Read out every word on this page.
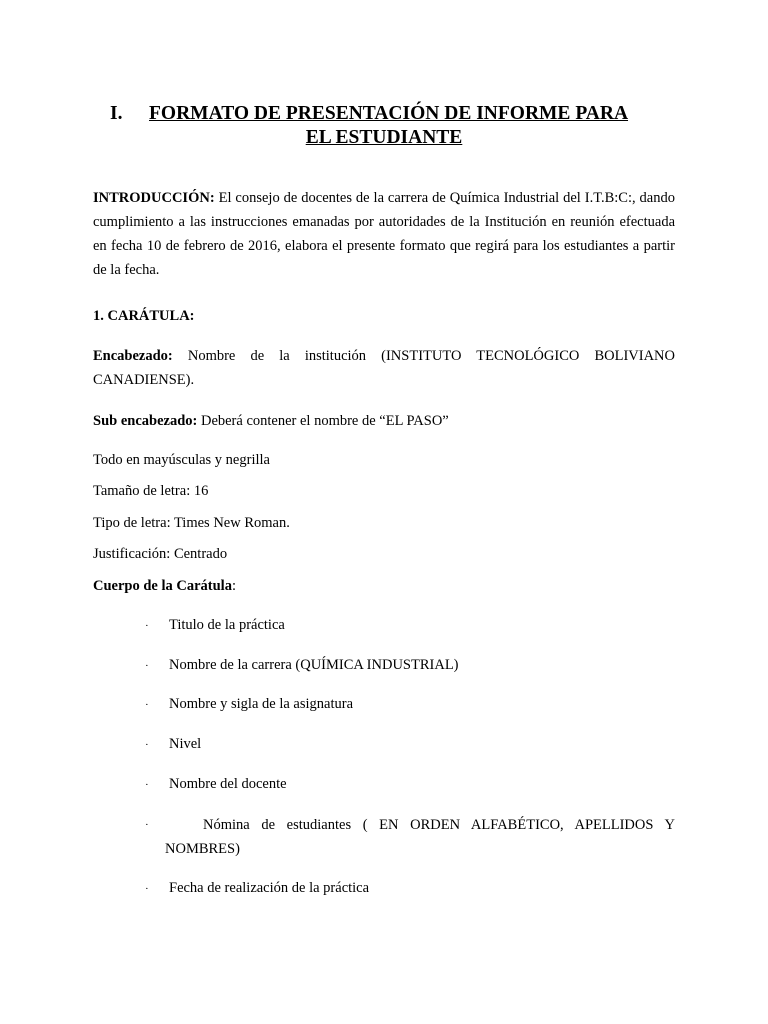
I. FORMATO DE PRESENTACIÓN DE INFORME PARA
EL ESTUDIANTE
INTRODUCCIÓN: El consejo de docentes de la carrera de Química Industrial del I.T.B:C:, dando cumplimiento a las instrucciones emanadas por autoridades de la Institución en reunión efectuada en fecha 10 de febrero de 2016, elabora el presente formato que regirá para los estudiantes a partir de la fecha.
1. CARÁTULA:
Encabezado: Nombre de la institución (INSTITUTO TECNOLÓGICO BOLIVIANO CANADIENSE).
Sub encabezado: Deberá contener el nombre de “EL PASO”
Todo en mayúsculas y negrilla
Tamaño de letra: 16
Tipo de letra: Times New Roman.
Justificación: Centrado
Cuerpo de la Carátula:
· Titulo de la práctica
· Nombre de la carrera (QUÍMICA INDUSTRIAL)
· Nombre y sigla de la asignatura
· Nivel
· Nombre del docente
·	Nómina de estudiantes ( EN ORDEN ALFABÉTICO, APELLIDOS Y
NOMBRES)
· Fecha de realización de la práctica
